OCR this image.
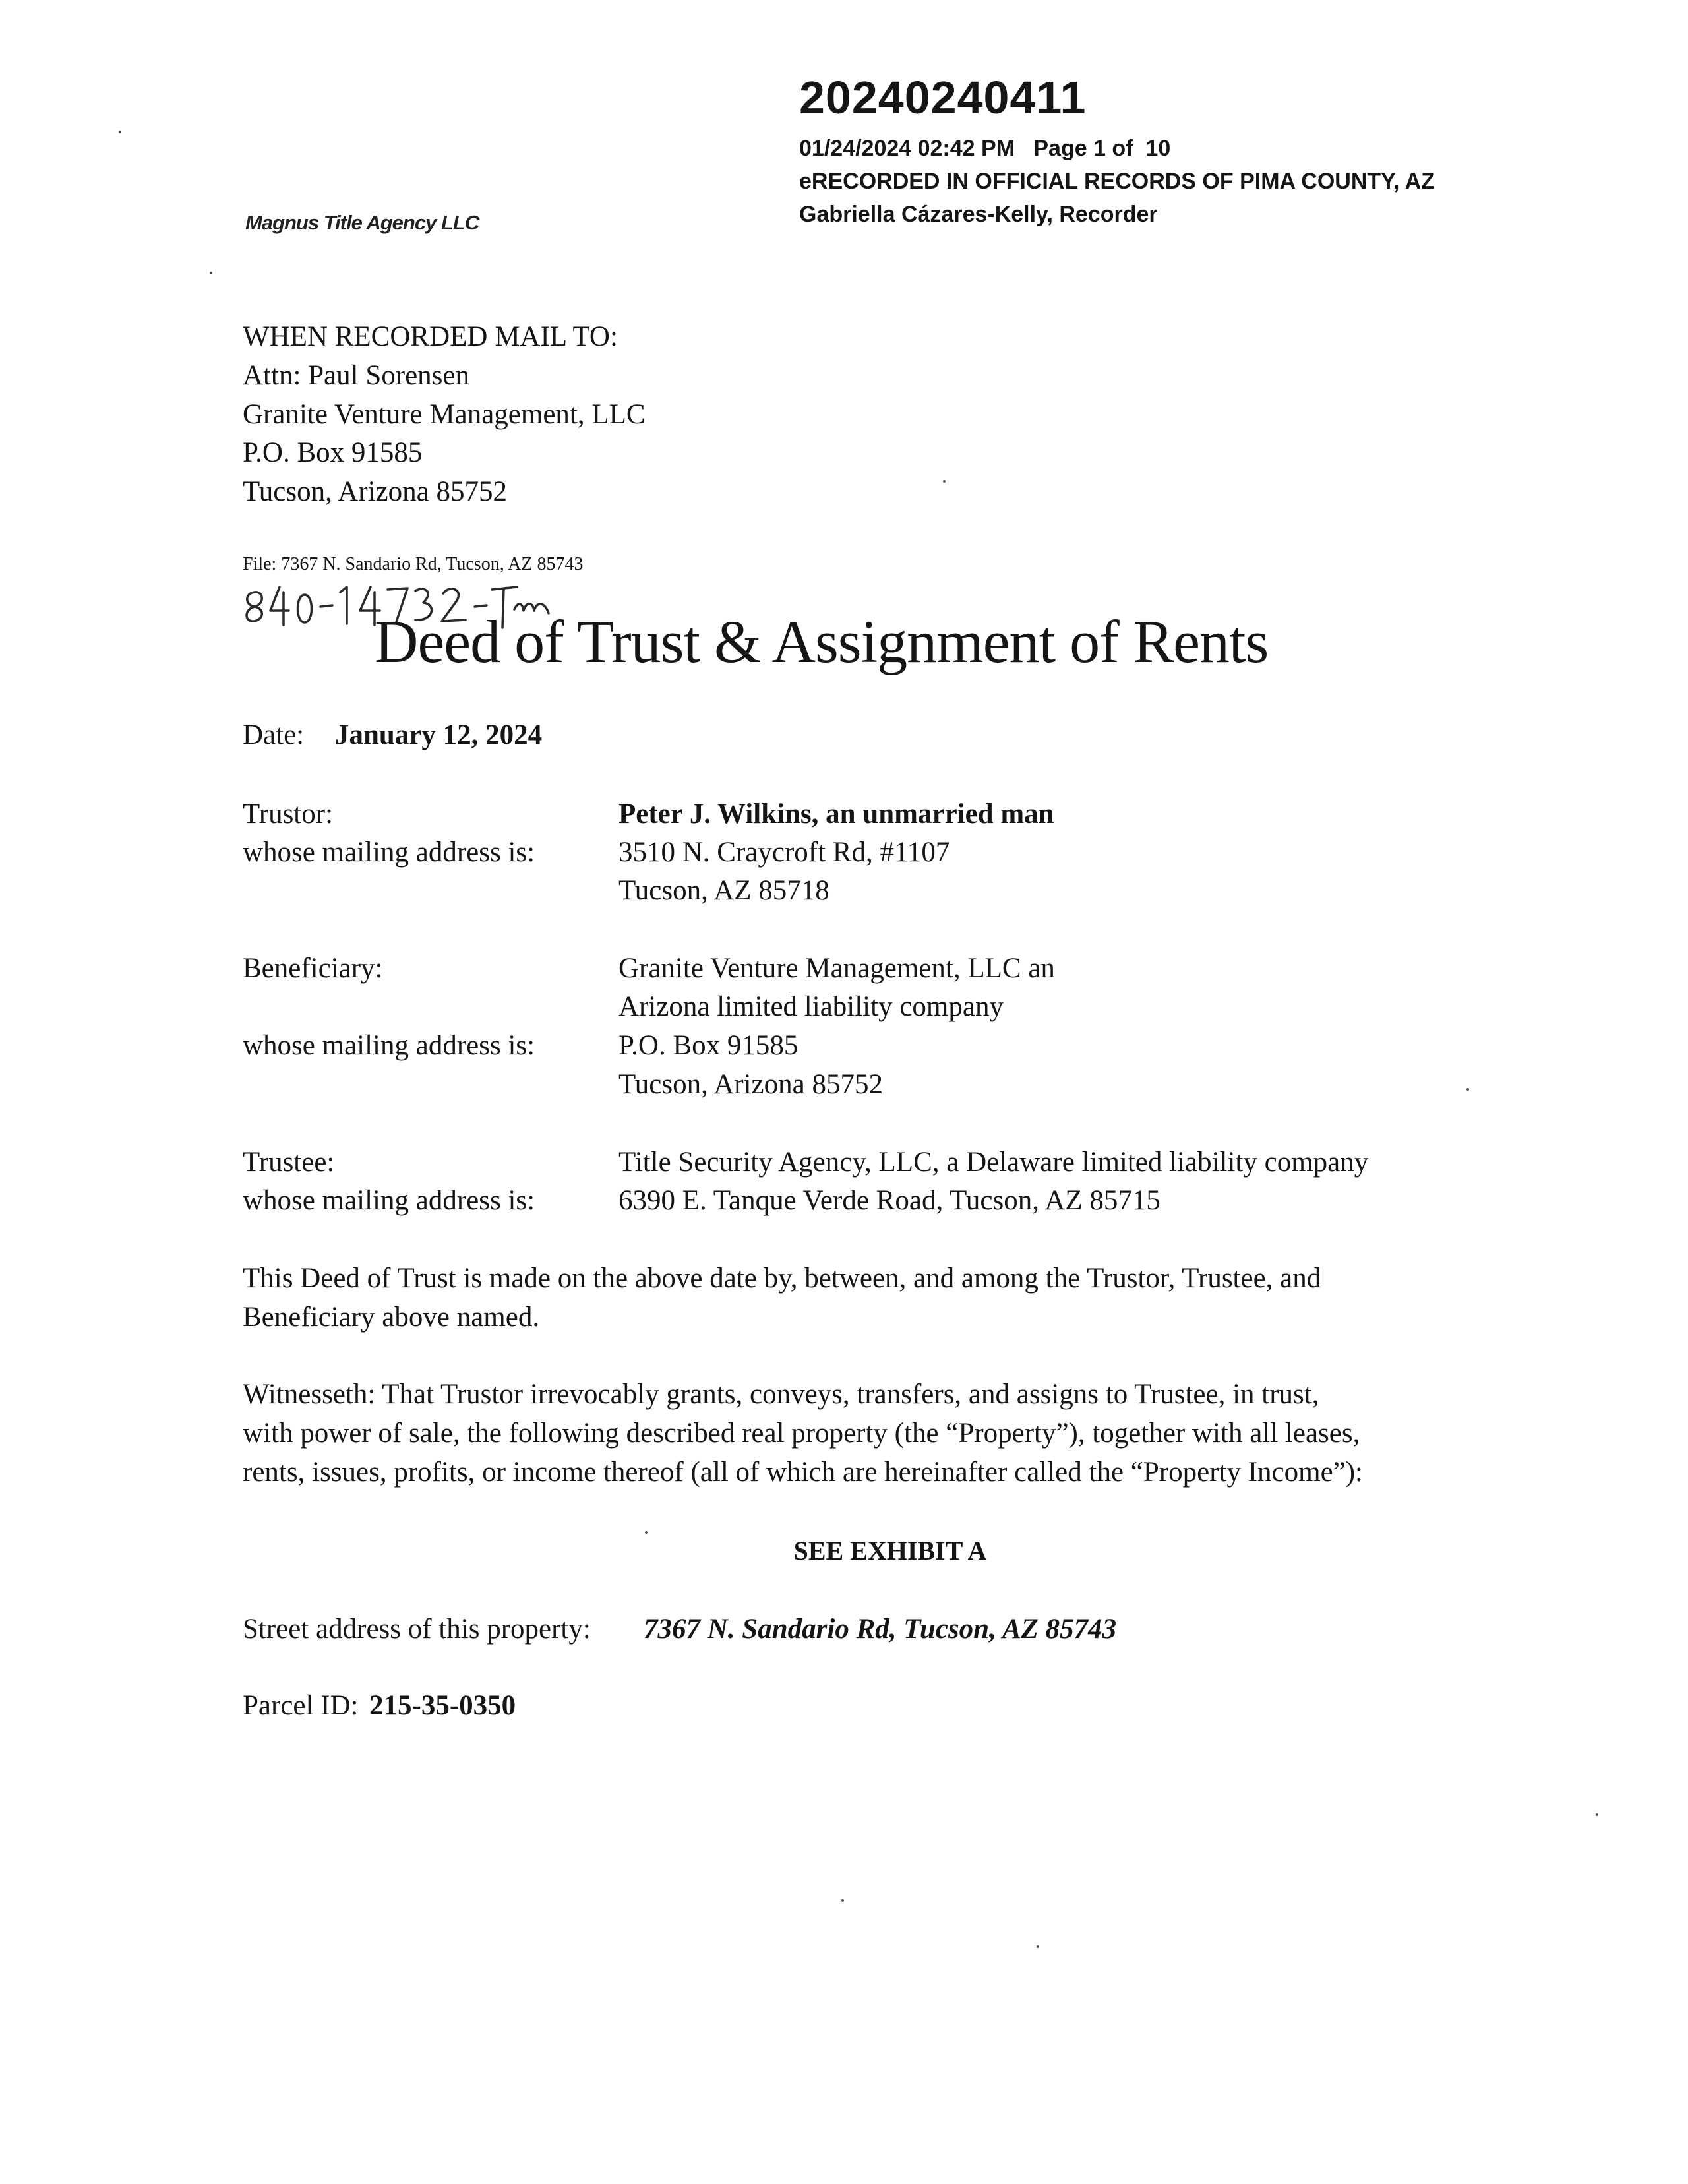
20240240411
01/24/2024 02:42 PM   Page 1 of  10
eRECORDED IN OFFICIAL RECORDS OF PIMA COUNTY, AZ
Gabriella Cázares-Kelly, Recorder
Magnus Title Agency LLC
WHEN RECORDED MAIL TO:
Attn: Paul Sorensen
Granite Venture Management, LLC
P.O. Box 91585
Tucson, Arizona 85752
File: 7367 N. Sandario Rd, Tucson, AZ 85743
Deed of Trust & Assignment of Rents
Date: January 12, 2024
Trustor:
whose mailing address is:
Peter J. Wilkins, an unmarried man
3510 N. Craycroft Rd, #1107
Tucson, AZ 85718
Beneficiary:	Granite Venture Management, LLC an
Arizona limited liability company
whose mailing address is:	P.O. Box 91585
Tucson, Arizona 85752
Trustee:
whose mailing address is:
Title Security Agency, LLC, a Delaware limited liability company
6390 E. Tanque Verde Road, Tucson, AZ 85715
This Deed of Trust is made on the above date by, between, and among the Trustor, Trustee, and
Beneficiary above named.
Witnesseth: That Trustor irrevocably grants, conveys, transfers, and assigns to Trustee, in trust,
with power of sale, the following described real property (the “Property”), together with all leases,
rents, issues, profits, or income thereof (all of which are hereinafter called the “Property Income”):
SEE EXHIBIT A
Street address of this property: 7367 N. Sandario Rd, Tucson, AZ 85743
Parcel ID: 215-35-0350
